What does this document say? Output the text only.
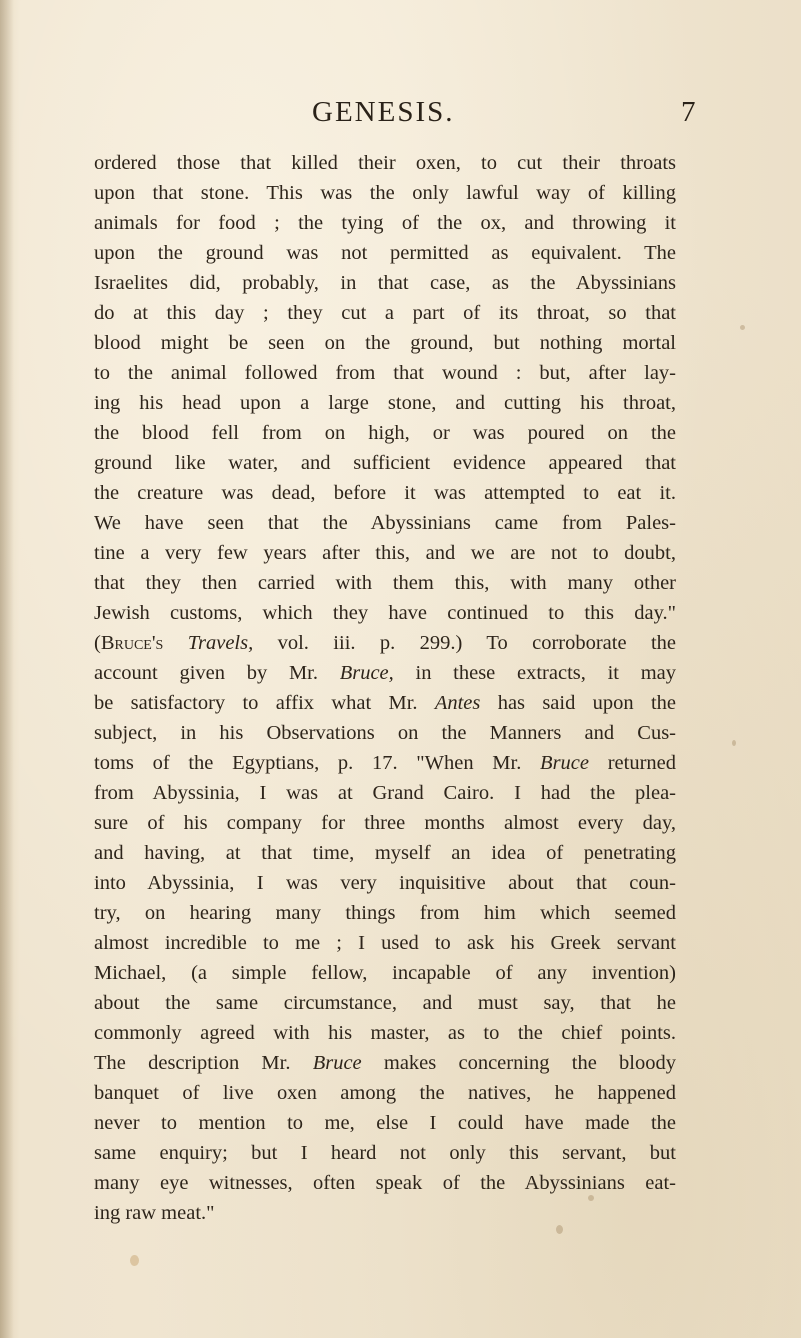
GENESIS.	7
ordered those that killed their oxen, to cut their throats
upon that stone. This was the only lawful way of killing
animals for food ; the tying of the ox, and throwing it
upon the ground was not permitted as equivalent. The
Israelites did, probably, in that case, as the Abyssinians
do at this day ; they cut a part of its throat, so that
blood might be seen on the ground, but nothing mortal
to the animal followed from that wound : but, after lay-
ing his head upon a large stone, and cutting his throat,
the blood fell from on high, or was poured on the
ground like water, and sufficient evidence appeared that
the creature was dead, before it was attempted to eat it.
We have seen that the Abyssinians came from Pales-
tine a very few years after this, and we are not to doubt,
that they then carried with them this, with many other
Jewish customs, which they have continued to this day."
(Bruce's Travels, vol. iii. p. 299.) To corroborate the
account given by Mr. Bruce, in these extracts, it may
be satisfactory to affix what Mr. Antes has said upon the
subject, in his Observations on the Manners and Cus-
toms of the Egyptians, p. 17. "When Mr. Bruce returned
from Abyssinia, I was at Grand Cairo. I had the plea-
sure of his company for three months almost every day,
and having, at that time, myself an idea of penetrating
into Abyssinia, I was very inquisitive about that coun-
try, on hearing many things from him which seemed
almost incredible to me ; I used to ask his Greek servant
Michael, (a simple fellow, incapable of any invention)
about the same circumstance, and must say, that he
commonly agreed with his master, as to the chief points.
The description Mr. Bruce makes concerning the bloody
banquet of live oxen among the natives, he happened
never to mention to me, else I could have made the
same enquiry; but I heard not only this servant, but
many eye witnesses, often speak of the Abyssinians eat-
ing raw meat."
